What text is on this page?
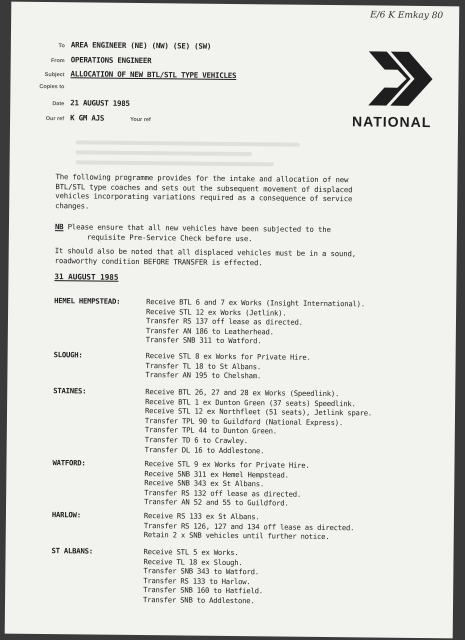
E/6 K Emkay 80
To AREA ENGINEER (NE) (NW) (SE) (SW)
From OPERATIONS ENGINEER
Subject ALLOCATION OF NEW BTL/STL TYPE VEHICLES
Copies to
Date 21 AUGUST 1985
Our ref K GM AJS	Your ref	NATIONAL
The following programme provides for the intake and allocation of new
BTL/STL type coaches and sets out the subsequent movement of displaced
vehicles incorporating variations required as a consequence of service
changes.
NB Please ensure that all new vehicles have been subjected to the
requisite Pre-Service Check before use.
It should also be noted that all displaced vehicles must be in a sound,
roadworthy condition BEFORE TRANSFER is effected.
31 AUGUST 1985
HEMEL HEMPSTEAD:	Receive BTL 6 and 7 ex Works (Insight International).
Receive STL 12 ex Works (Jetlink).
Transfer RS 137 off lease as directed.
Transfer AN 186 to Leatherhead.
Transfer SNB 311 to Watford.
SLOUGH:	Receive STL 8 ex Works for Private Hire.
Transfer TL 18 to St Albans.
Transfer AN 195 to Chelsham.
STAINES:	Receive BTL 26, 27 and 28 ex Works (Speedlink).
Receive BTL 1 ex Dunton Green (37 seats) Speedlink.
Receive STL 12 ex Northfleet (51 seats), Jetlink spare.
Transfer TPL 90 to Guildford (National Express).
Transfer TPL 44 to Dunton Green.
Transfer TD 6 to Crawley.
Transfer DL 16 to Addlestone.
WATFORD:	Receive STL 9 ex Works for Private Hire.
Receive SNB 311 ex Hemel Hempstead.
Receive SNB 343 ex St Albans.
Transfer RS 132 off lease as directed.
Transfer AN 52 and 55 to Guildford.
HARLOW:	Receive RS 133 ex St Albans.
Transfer RS 126, 127 and 134 off lease as directed.
Retain 2 x SNB vehicles until further notice.
ST ALBANS:	Receive STL 5 ex Works.
Receive TL 18 ex Slough.
Transfer SNB 343 to Watford.
Transfer RS 133 to Harlow.
Transfer SNB 160 to Hatfield.
Transfer SNB to Addlestone.
